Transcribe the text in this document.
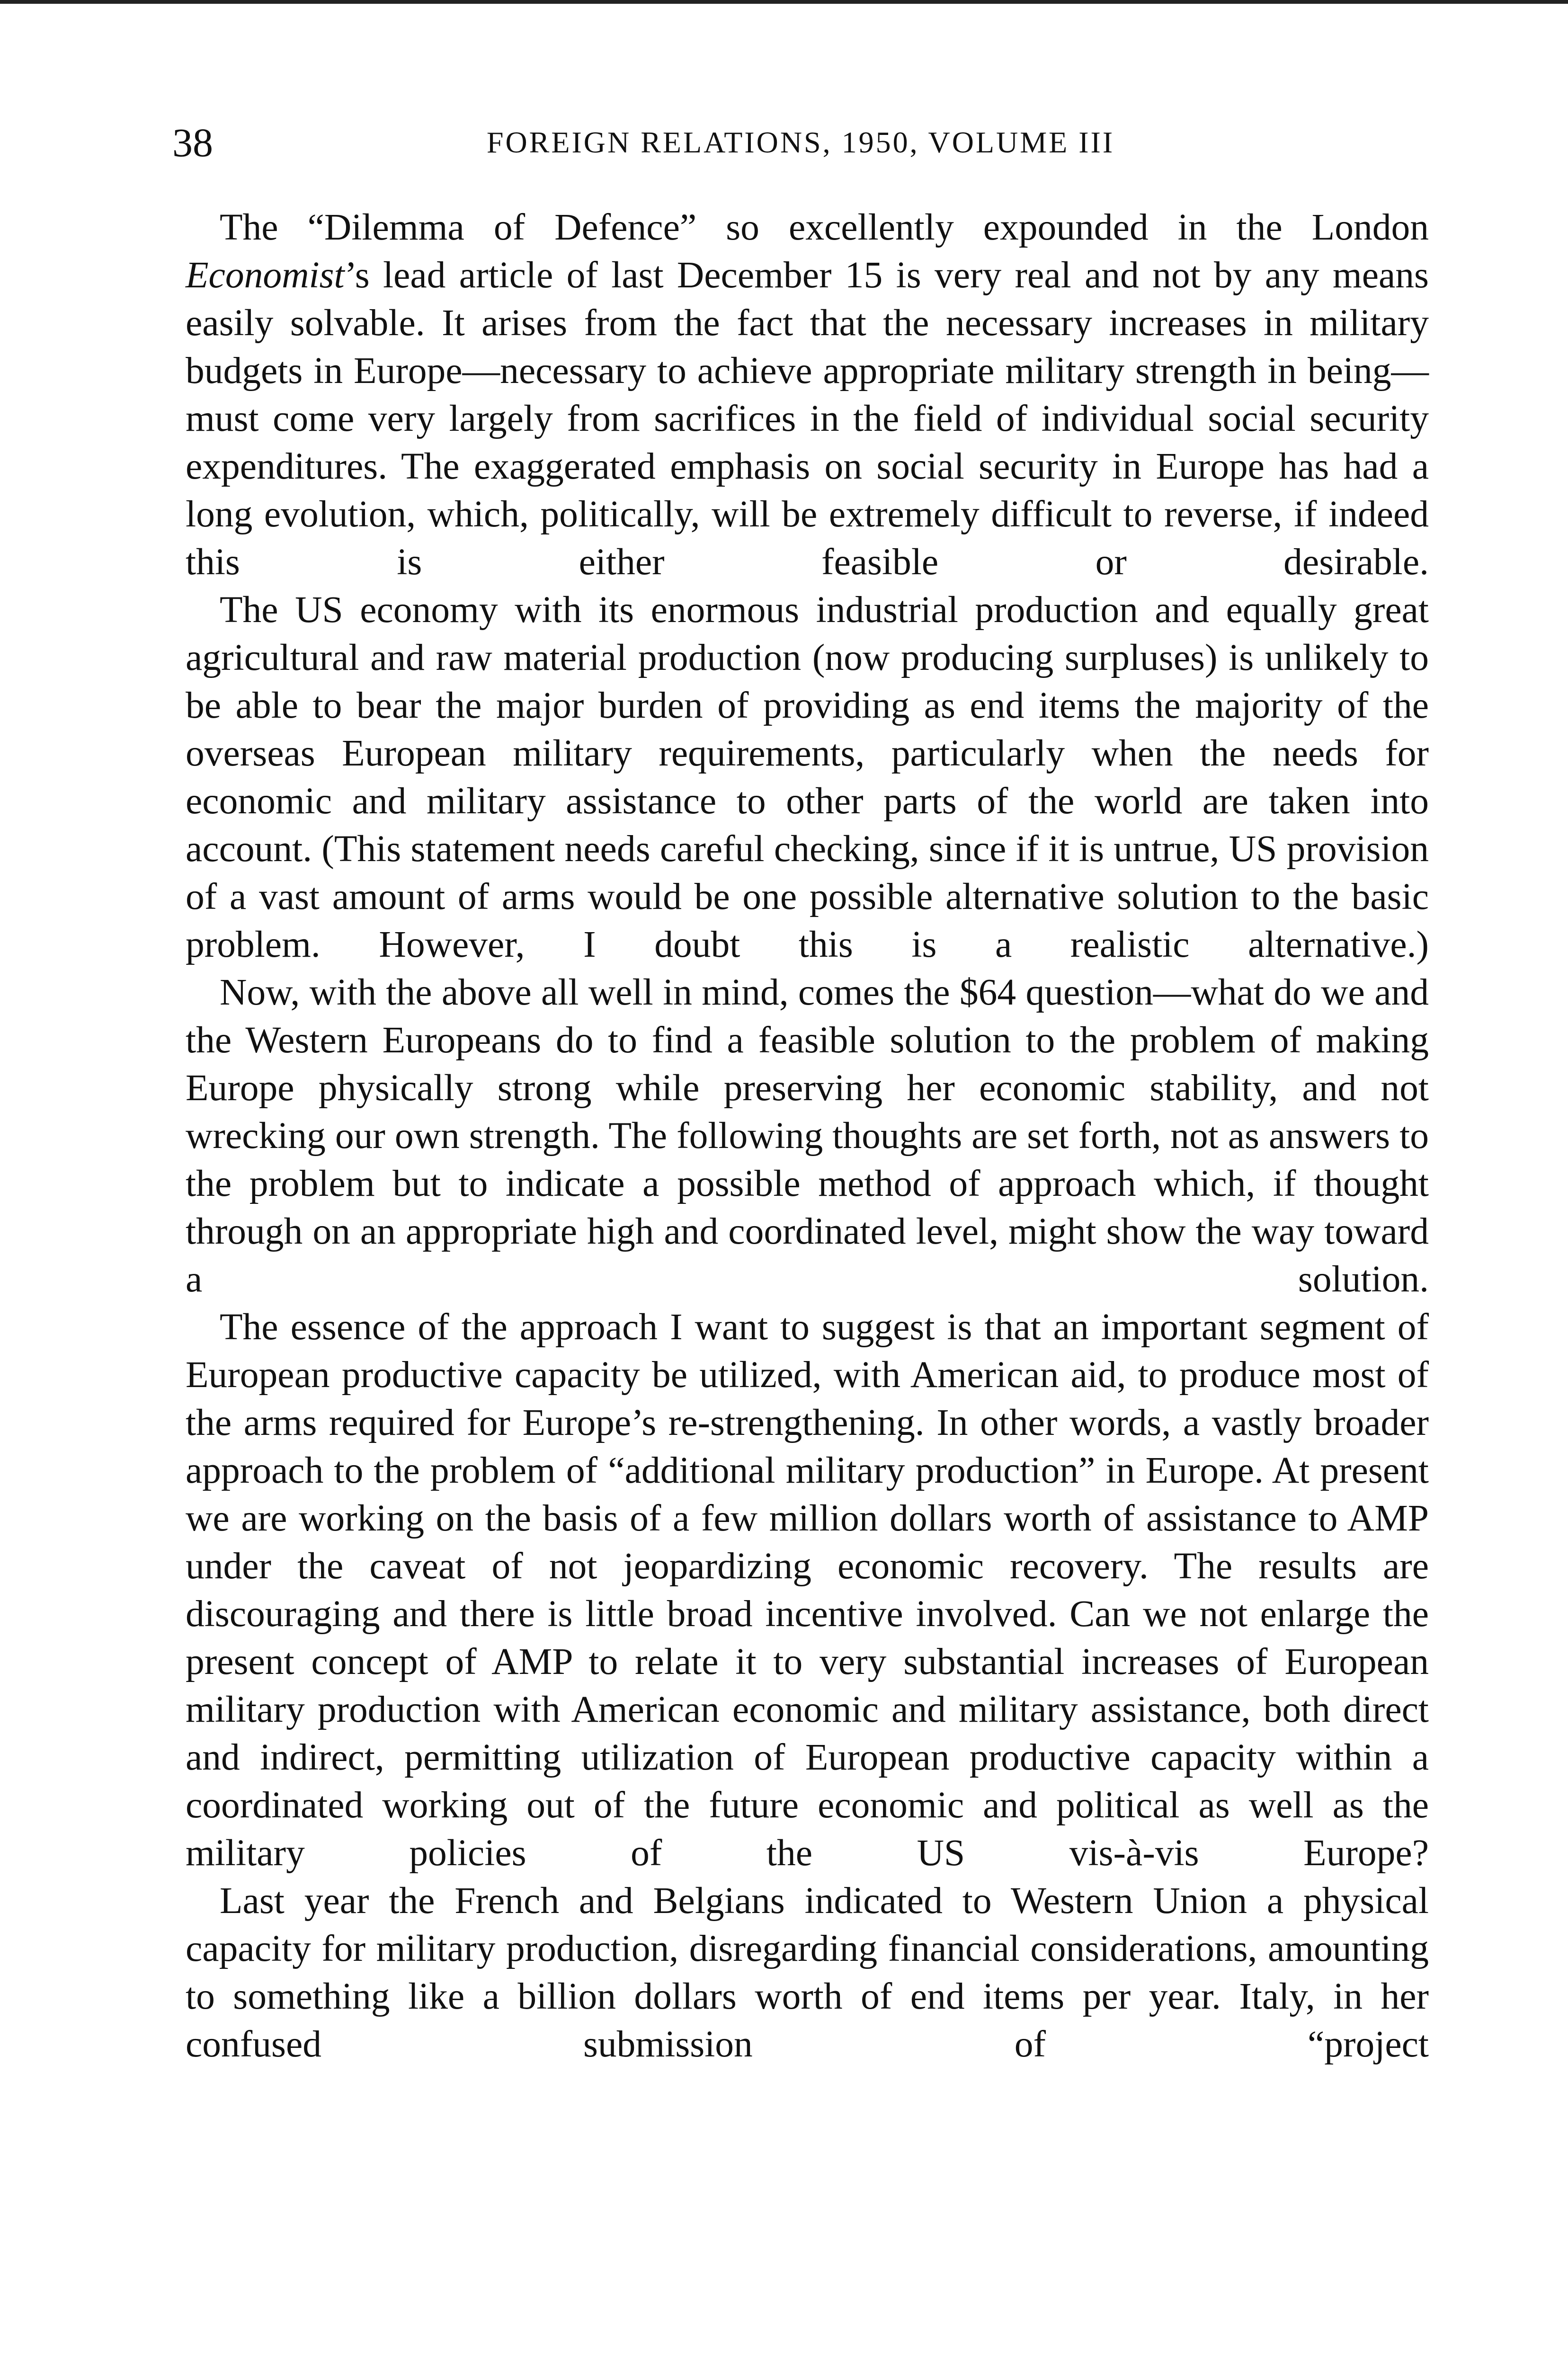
38	FOREIGN RELATIONS, 1950, VOLUME III

The “Dilemma of Defence” so excellently expounded in the London Economist’s lead article of last December 15 is very real and not by any means easily solvable. It arises from the fact that the necessary increases in military budgets in Europe—necessary to achieve appropriate military strength in being—must come very largely from sacrifices in the field of individual social security expenditures. The exaggerated emphasis on social security in Europe has had a long evolution, which, politically, will be extremely difficult to reverse, if indeed this is either feasible or desirable.

The US economy with its enormous industrial production and equally great agricultural and raw material production (now producing surpluses) is unlikely to be able to bear the major burden of providing as end items the majority of the overseas European military requirements, particularly when the needs for economic and military assistance to other parts of the world are taken into account. (This statement needs careful checking, since if it is untrue, US provision of a vast amount of arms would be one possible alternative solution to the basic problem. However, I doubt this is a realistic alternative.)

Now, with the above all well in mind, comes the $64 question—what do we and the Western Europeans do to find a feasible solution to the problem of making Europe physically strong while preserving her economic stability, and not wrecking our own strength. The following thoughts are set forth, not as answers to the problem but to indicate a possible method of approach which, if thought through on an appropriate high and coordinated level, might show the way toward a solution.

The essence of the approach I want to suggest is that an important segment of European productive capacity be utilized, with American aid, to produce most of the arms required for Europe’s re-strengthening. In other words, a vastly broader approach to the problem of “additional military production” in Europe. At present we are working on the basis of a few million dollars worth of assistance to AMP under the caveat of not jeopardizing economic recovery. The results are discouraging and there is little broad incentive involved. Can we not enlarge the present concept of AMP to relate it to very substantial increases of European military production with American economic and military assistance, both direct and indirect, permitting utilization of European productive capacity within a coordinated working out of the future economic and political as well as the military policies of the US vis-à-vis Europe?

Last year the French and Belgians indicated to Western Union a physical capacity for military production, disregarding financial considerations, amounting to something like a billion dollars worth of end items per year. Italy, in her confused submission of “project
